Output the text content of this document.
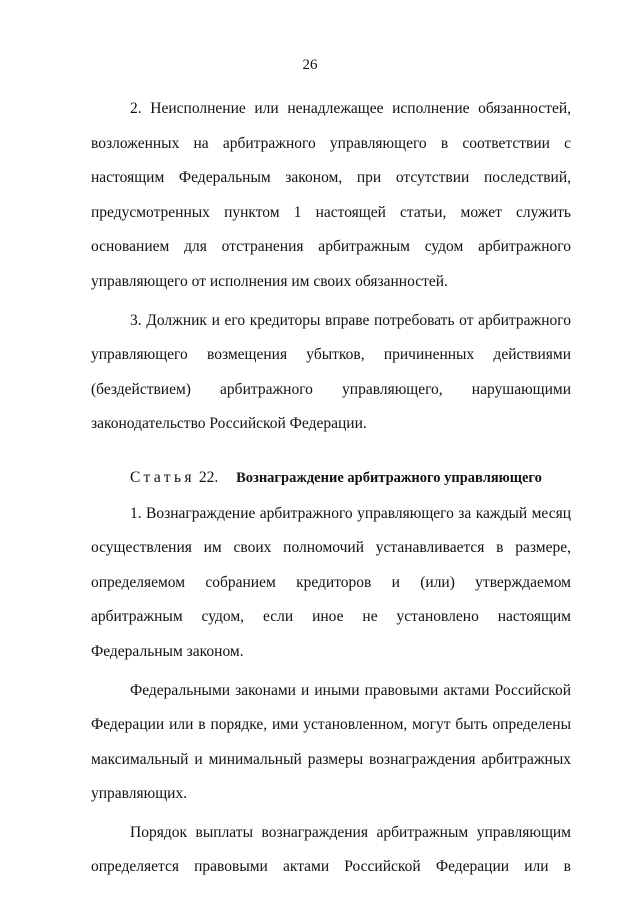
26

2. Неисполнение или ненадлежащее исполнение обязанностей, возложенных на арбитражного управляющего в соответствии с настоящим Федеральным законом, при отсутствии последствий, предусмотренных пунктом 1 настоящей статьи, может служить основанием для отстранения арбитражным судом арбитражного управляющего от исполнения им своих обязанностей.

3. Должник и его кредиторы вправе потребовать от арбитражного управляющего возмещения убытков, причиненных действиями (бездействием) арбитражного управляющего, нарушающими законодательство Российской Федерации.

Статья 22. Вознаграждение арбитражного управляющего

1. Вознаграждение арбитражного управляющего за каждый месяц осуществления им своих полномочий устанавливается в размере, определяемом собранием кредиторов и (или) утверждаемом арбитражным судом, если иное не установлено настоящим Федеральным законом.

Федеральными законами и иными правовыми актами Российской Федерации или в порядке, ими установленном, могут быть определены максимальный и минимальный размеры вознаграждения арбитражных управляющих.

Порядок выплаты вознаграждения арбитражным управляющим определяется правовыми актами Российской Федерации или в
